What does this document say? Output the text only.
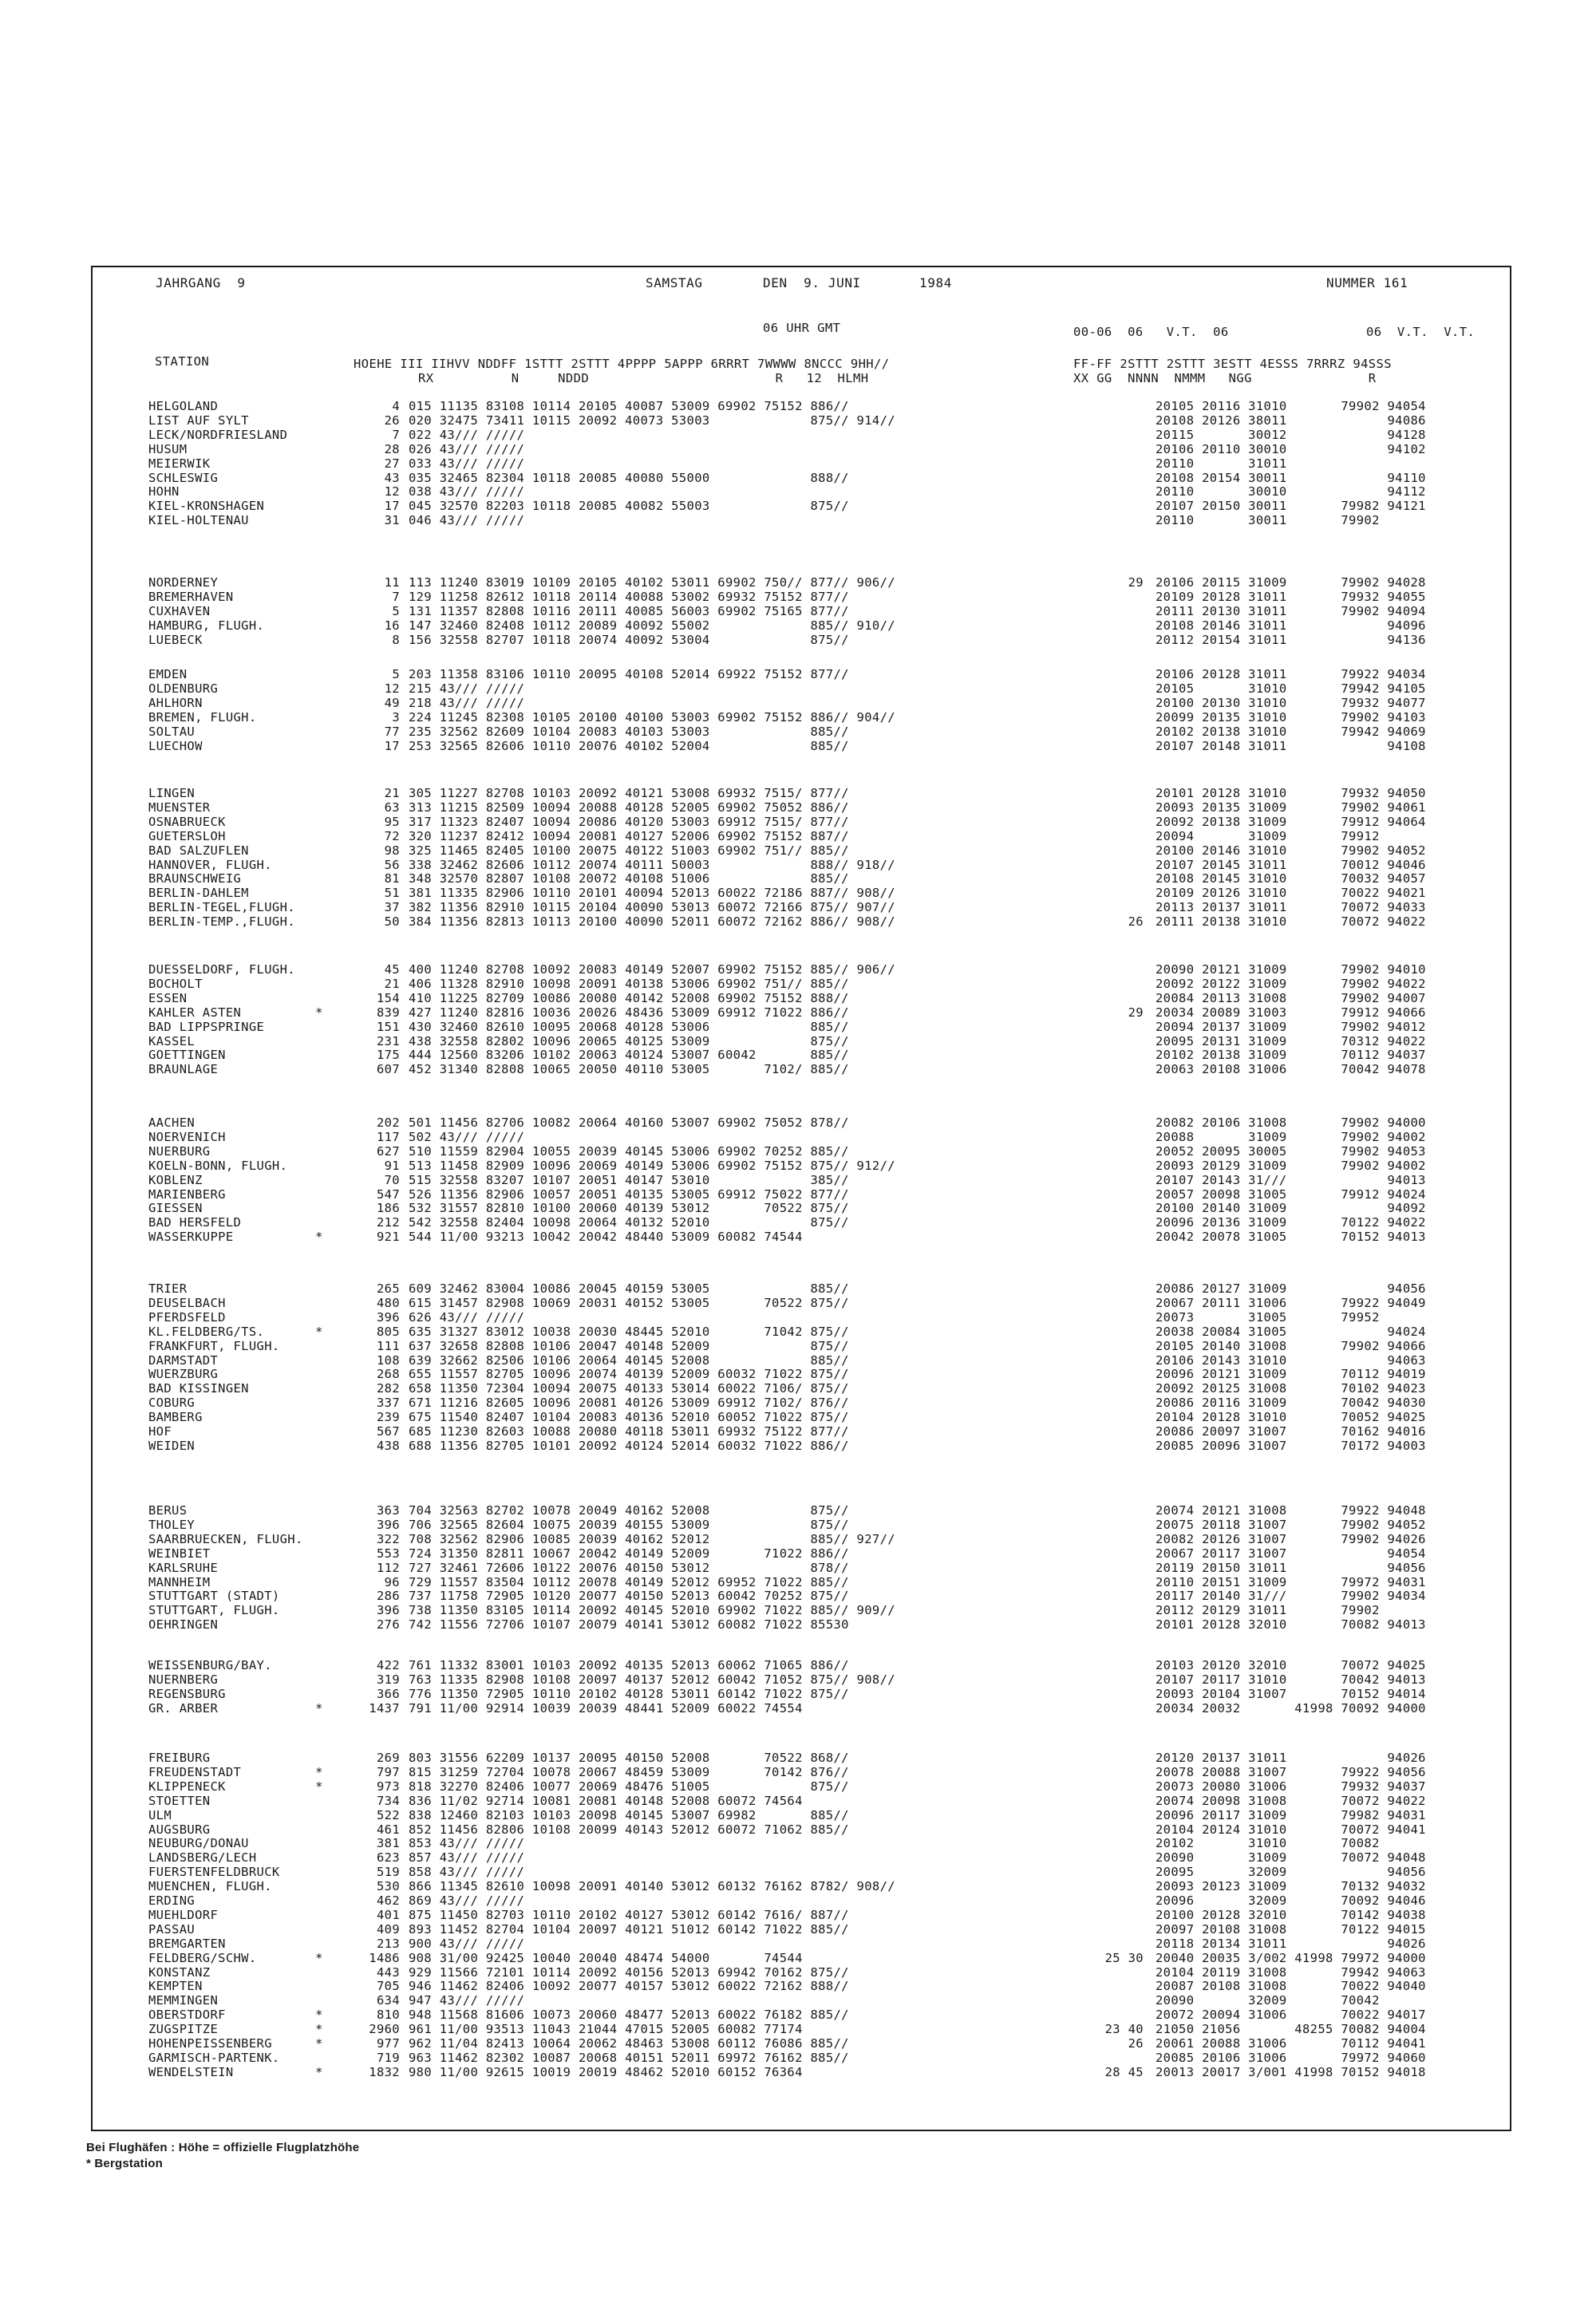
JAHRGANG  9	SAMSTAG	DEN  9. JUNI	1984	NUMMER 161
06 UHR GMT	00-06  06   V.T.  06	06  V.T.  V.T.
STATION	HOEHE III IIHVV NDDFF 1STTT 2STTT 4PPPP 5APPP 6RRRT 7WWWW 8NCCC 9HH//
RX          N     NDDD                        R   12  HLMH
FF-FF 2STTT 2STTT 3ESTT 4ESSS 7RRRZ 94SSS
XX GG  NNNN  NMMM   NGG               R
HELGOLAND	4 015 11135 83108 10114 20105 40087 53009 69902 75152 886//	20105 20116 31010       79902 94054
LIST AUF SYLT	26 020 32475 73411 10115 20092 40073 53003             875// 914//	20108 20126 38011             94086
LECK/NORDFRIESLAND	7 022 43/// /////	20115       30012             94128
HUSUM	28 026 43/// /////	20106 20110 30010             94102
MEIERWIK	27 033 43/// /////	20110       31011
SCHLESWIG	43 035 32465 82304 10118 20085 40080 55000             888//	20108 20154 30011             94110
HOHN	12 038 43/// /////	20110       30010             94112
KIEL-KRONSHAGEN	17 045 32570 82203 10118 20085 40082 55003             875//	20107 20150 30011       79982 94121
KIEL-HOLTENAU	31 046 43/// /////	20110       30011       79902
NORDERNEY	11 113 11240 83019 10109 20105 40102 53011 69902 750// 877// 906//	29 20106 20115 31009       79902 94028
BREMERHAVEN	7 129 11258 82612 10118 20114 40088 53002 69932 75152 877//	20109 20128 31011       79932 94055
CUXHAVEN	5 131 11357 82808 10116 20111 40085 56003 69902 75165 877//	20111 20130 31011       79902 94094
HAMBURG, FLUGH.	16 147 32460 82408 10112 20089 40092 55002             885// 910//	20108 20146 31011             94096
LUEBECK	8 156 32558 82707 10118 20074 40092 53004             875//	20112 20154 31011             94136
EMDEN	5 203 11358 83106 10110 20095 40108 52014 69922 75152 877//	20106 20128 31011       79922 94034
OLDENBURG	12 215 43/// /////	20105       31010       79942 94105
AHLHORN	49 218 43/// /////	20100 20130 31010       79932 94077
BREMEN, FLUGH.	3 224 11245 82308 10105 20100 40100 53003 69902 75152 886// 904//	20099 20135 31010       79902 94103
SOLTAU	77 235 32562 82609 10104 20083 40103 53003             885//	20102 20138 31010       79942 94069
LUECHOW	17 253 32565 82606 10110 20076 40102 52004             885//	20107 20148 31011             94108
LINGEN	21 305 11227 82708 10103 20092 40121 53008 69932 7515/ 877//	20101 20128 31010       79932 94050
MUENSTER	63 313 11215 82509 10094 20088 40128 52005 69902 75052 886//	20093 20135 31009       79902 94061
OSNABRUECK	95 317 11323 82407 10094 20086 40120 53003 69912 7515/ 877//	20092 20138 31009       79912 94064
GUETERSLOH	72 320 11237 82412 10094 20081 40127 52006 69902 75152 887//	20094       31009       79912
BAD SALZUFLEN	98 325 11465 82405 10100 20075 40122 51003 69902 751// 885//	20100 20146 31010       79902 94052
HANNOVER, FLUGH.	56 338 32462 82606 10112 20074 40111 50003             888// 918//	20107 20145 31011       70012 94046
BRAUNSCHWEIG	81 348 32570 82807 10108 20072 40108 51006             885//	20108 20145 31010       70032 94057
BERLIN-DAHLEM	51 381 11335 82906 10110 20101 40094 52013 60022 72186 887// 908//	20109 20126 31010       70022 94021
BERLIN-TEGEL,FLUGH.	37 382 11356 82910 10115 20104 40090 53013 60072 72166 875// 907//	20113 20137 31011       70072 94033
BERLIN-TEMP.,FLUGH.	50 384 11356 82813 10113 20100 40090 52011 60072 72162 886// 908//	26 20111 20138 31010       70072 94022
DUESSELDORF, FLUGH.	45 400 11240 82708 10092 20083 40149 52007 69902 75152 885// 906//	20090 20121 31009       79902 94010
BOCHOLT	21 406 11328 82910 10098 20091 40138 53006 69902 751// 885//	20092 20122 31009       79902 94022
ESSEN	154 410 11225 82709 10086 20080 40142 52008 69902 75152 888//	20084 20113 31008       79902 94007
KAHLER ASTEN	*	839 427 11240 82816 10036 20026 48436 53009 69912 71022 886//	29 20034 20089 31003       79912 94066
BAD LIPPSPRINGE	151 430 32460 82610 10095 20068 40128 53006             885//	20094 20137 31009       79902 94012
KASSEL	231 438 32558 82802 10096 20065 40125 53009             875//	20095 20131 31009       70312 94022
GOETTINGEN	175 444 12560 83206 10102 20063 40124 53007 60042       885//	20102 20138 31009       70112 94037
BRAUNLAGE	607 452 31340 82808 10065 20050 40110 53005       7102/ 885//	20063 20108 31006       70042 94078
AACHEN	202 501 11456 82706 10082 20064 40160 53007 69902 75052 878//	20082 20106 31008       79902 94000
NOERVENICH	117 502 43/// /////	20088       31009       79902 94002
NUERBURG	627 510 11559 82904 10055 20039 40145 53006 69902 70252 885//	20052 20095 30005       79902 94053
KOELN-BONN, FLUGH.	91 513 11458 82909 10096 20069 40149 53006 69902 75152 875// 912//	20093 20129 31009       79902 94002
KOBLENZ	70 515 32558 83207 10107 20051 40147 53010             385//	20107 20143 31///             94013
MARIENBERG	547 526 11356 82906 10057 20051 40135 53005 69912 75022 877//	20057 20098 31005       79912 94024
GIESSEN	186 532 31557 82810 10100 20060 40139 53012       70522 875//	20100 20140 31009             94092
BAD HERSFELD	212 542 32558 82404 10098 20064 40132 52010             875//	20096 20136 31009       70122 94022
WASSERKUPPE	*	921 544 11/00 93213 10042 20042 48440 53009 60082 74544	20042 20078 31005       70152 94013
TRIER	265 609 32462 83004 10086 20045 40159 53005             885//	20086 20127 31009             94056
DEUSELBACH	480 615 31457 82908 10069 20031 40152 53005       70522 875//	20067 20111 31006       79922 94049
PFERDSFELD	396 626 43/// /////	20073       31005       79952
KL.FELDBERG/TS.	*	805 635 31327 83012 10038 20030 48445 52010       71042 875//	20038 20084 31005             94024
FRANKFURT, FLUGH.	111 637 32658 82808 10106 20047 40148 52009             875//	20105 20140 31008       79902 94066
DARMSTADT	108 639 32662 82506 10106 20064 40145 52008             885//	20106 20143 31010             94063
WUERZBURG	268 655 11557 82705 10096 20074 40139 52009 60032 71022 875//	20096 20121 31009       70112 94019
BAD KISSINGEN	282 658 11350 72304 10094 20075 40133 53014 60022 7106/ 875//	20092 20125 31008       70102 94023
COBURG	337 671 11216 82605 10096 20081 40126 53009 69912 7102/ 876//	20086 20116 31009       70042 94030
BAMBERG	239 675 11540 82407 10104 20083 40136 52010 60052 71022 875//	20104 20128 31010       70052 94025
HOF	567 685 11230 82603 10088 20080 40118 53011 69932 75122 877//	20086 20097 31007       70162 94016
WEIDEN	438 688 11356 82705 10101 20092 40124 52014 60032 71022 886//	20085 20096 31007       70172 94003
BERUS	363 704 32563 82702 10078 20049 40162 52008             875//	20074 20121 31008       79922 94048
THOLEY	396 706 32565 82604 10075 20039 40155 53009             875//	20075 20118 31007       79902 94052
SAARBRUECKEN, FLUGH.	322 708 32562 82906 10085 20039 40162 52012             885// 927//	20082 20126 31007       79902 94026
WEINBIET	553 724 31350 82811 10067 20042 40149 52009       71022 886//	20067 20117 31007             94054
KARLSRUHE	112 727 32461 72606 10122 20076 40150 53012             878//	20119 20150 31011             94056
MANNHEIM	96 729 11557 83504 10112 20078 40149 52012 69952 71022 885//	20110 20151 31009       79972 94031
STUTTGART (STADT)	286 737 11758 72905 10120 20077 40150 52013 60042 70252 875//	20117 20140 31///       79902 94034
STUTTGART, FLUGH.	396 738 11350 83105 10114 20092 40145 52010 69902 71022 885// 909//	20112 20129 31011       79902
OEHRINGEN	276 742 11556 72706 10107 20079 40141 53012 60082 71022 85530	20101 20128 32010       70082 94013
WEISSENBURG/BAY.	422 761 11332 83001 10103 20092 40135 52013 60062 71065 886//	20103 20120 32010       70072 94025
NUERNBERG	319 763 11335 82908 10108 20097 40137 52012 60042 71052 875// 908//	20107 20117 31010       70042 94013
REGENSBURG	366 776 11350 72905 10110 20102 40128 53011 60142 71022 875//	20093 20104 31007       70152 94014
GR. ARBER	*	1437 791 11/00 92914 10039 20039 48441 52009 60022 74554	20034 20032       41998 70092 94000
FREIBURG	269 803 31556 62209 10137 20095 40150 52008       70522 868//	20120 20137 31011             94026
FREUDENSTADT	*	797 815 31259 72704 10078 20067 48459 53009       70142 876//	20078 20088 31007       79922 94056
KLIPPENECK	*	973 818 32270 82406 10077 20069 48476 51005             875//	20073 20080 31006       79932 94037
STOETTEN	734 836 11/02 92714 10081 20081 40148 52008 60072 74564	20074 20098 31008       70072 94022
ULM	522 838 12460 82103 10103 20098 40145 53007 69982       885//	20096 20117 31009       79982 94031
AUGSBURG	461 852 11456 82806 10108 20099 40143 52012 60072 71062 885//	20104 20124 31010       70072 94041
NEUBURG/DONAU	381 853 43/// /////	20102       31010       70082
LANDSBERG/LECH	623 857 43/// /////	20090       31009       70072 94048
FUERSTENFELDBRUCK	519 858 43/// /////	20095       32009             94056
MUENCHEN, FLUGH.	530 866 11345 82610 10098 20091 40140 53012 60132 76162 8782/ 908//	20093 20123 31009       70132 94032
ERDING	462 869 43/// /////	20096       32009       70092 94046
MUEHLDORF	401 875 11450 82703 10110 20102 40127 53012 60142 7616/ 887//	20100 20128 32010       70142 94038
PASSAU	409 893 11452 82704 10104 20097 40121 51012 60142 71022 885//	20097 20108 31008       70122 94015
BREMGARTEN	213 900 43/// /////	20118 20134 31011             94026
FELDBERG/SCHW.	*	1486 908 31/00 92425 10040 20040 48474 54000       74544	25 30 20040 20035 3/002 41998 79972 94000
KONSTANZ	443 929 11566 72101 10114 20092 40156 52013 69942 70162 875//	20104 20119 31008       79942 94063
KEMPTEN	705 946 11462 82406 10092 20077 40157 53012 60022 72162 888//	20087 20108 31008       70022 94040
MEMMINGEN	634 947 43/// /////	20090       32009       70042
OBERSTDORF	*	810 948 11568 81606 10073 20060 48477 52013 60022 76182 885//	20072 20094 31006       70022 94017
ZUGSPITZE	*	2960 961 11/00 93513 11043 21044 47015 52005 60082 77174	23 40 21050 21056       48255 70082 94004
HOHENPEISSENBERG	*	977 962 11/04 82413 10064 20062 48463 53008 60112 76086 885//	26 20061 20088 31006       70112 94041
GARMISCH-PARTENK.	719 963 11462 82302 10087 20068 40151 52011 69972 76162 885//	20085 20106 31006       79972 94060
WENDELSTEIN	*	1832 980 11/00 92615 10019 20019 48462 52010 60152 76364	28 45 20013 20017 3/001 41998 70152 94018
Bei Flughäfen : Höhe = offizielle Flugplatzhöhe
* Bergstation
